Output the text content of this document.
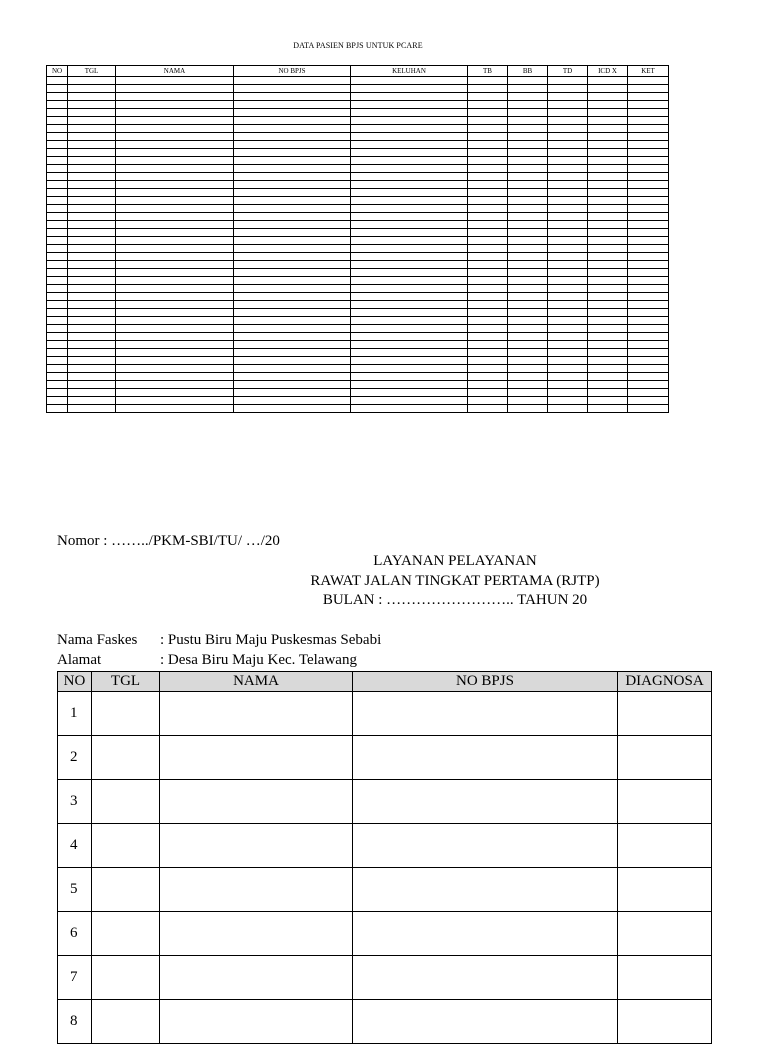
DATA PASIEN BPJS UNTUK PCARE
NO	TGL	NAMA	NO BPJS	KELUHAN	TB	BB	TD	ICD X	KET

Nomor : ……../PKM-SBI/TU/ …/20
LAYANAN PELAYANAN
RAWAT JALAN TINGKAT PERTAMA (RJTP)
BULAN : …………………….. TAHUN 20
Nama Faskes : Pustu Biru Maju Puskesmas Sebabi
Alamat	: Desa Biru Maju Kec. Telawang
NO	TGL	NAMA	NO BPJS	DIAGNOSA
1				
2				
3				
4				
5				
6				
7				
8				
